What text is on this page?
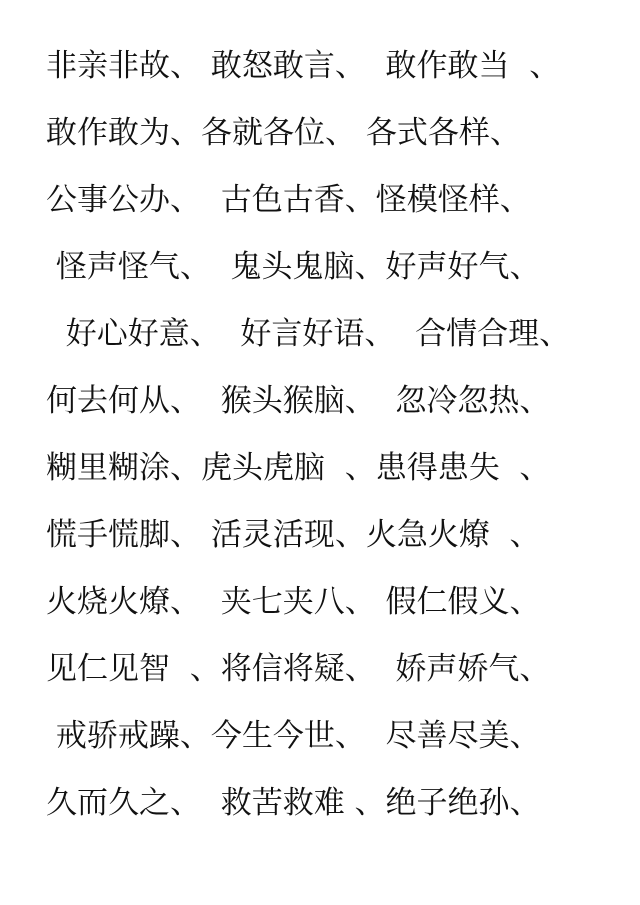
非亲非故、 敢怒敢言、  敢作敢当  、
敢作敢为、各就各位、 各式各样、
公事公办、  古色古香、怪模怪样、
怪声怪气、  鬼头鬼脑、好声好气、
好心好意、  好言好语、  合情合理、
何去何从、  猴头猴脑、  忽冷忽热、
糊里糊涂、虎头虎脑  、患得患失  、
慌手慌脚、 活灵活现、火急火燎  、
火烧火燎、  夹七夹八、 假仁假义、
见仁见智  、将信将疑、  娇声娇气、
戒骄戒躁、今生今世、  尽善尽美、
久而久之、  救苦救难 、绝子绝孙、
